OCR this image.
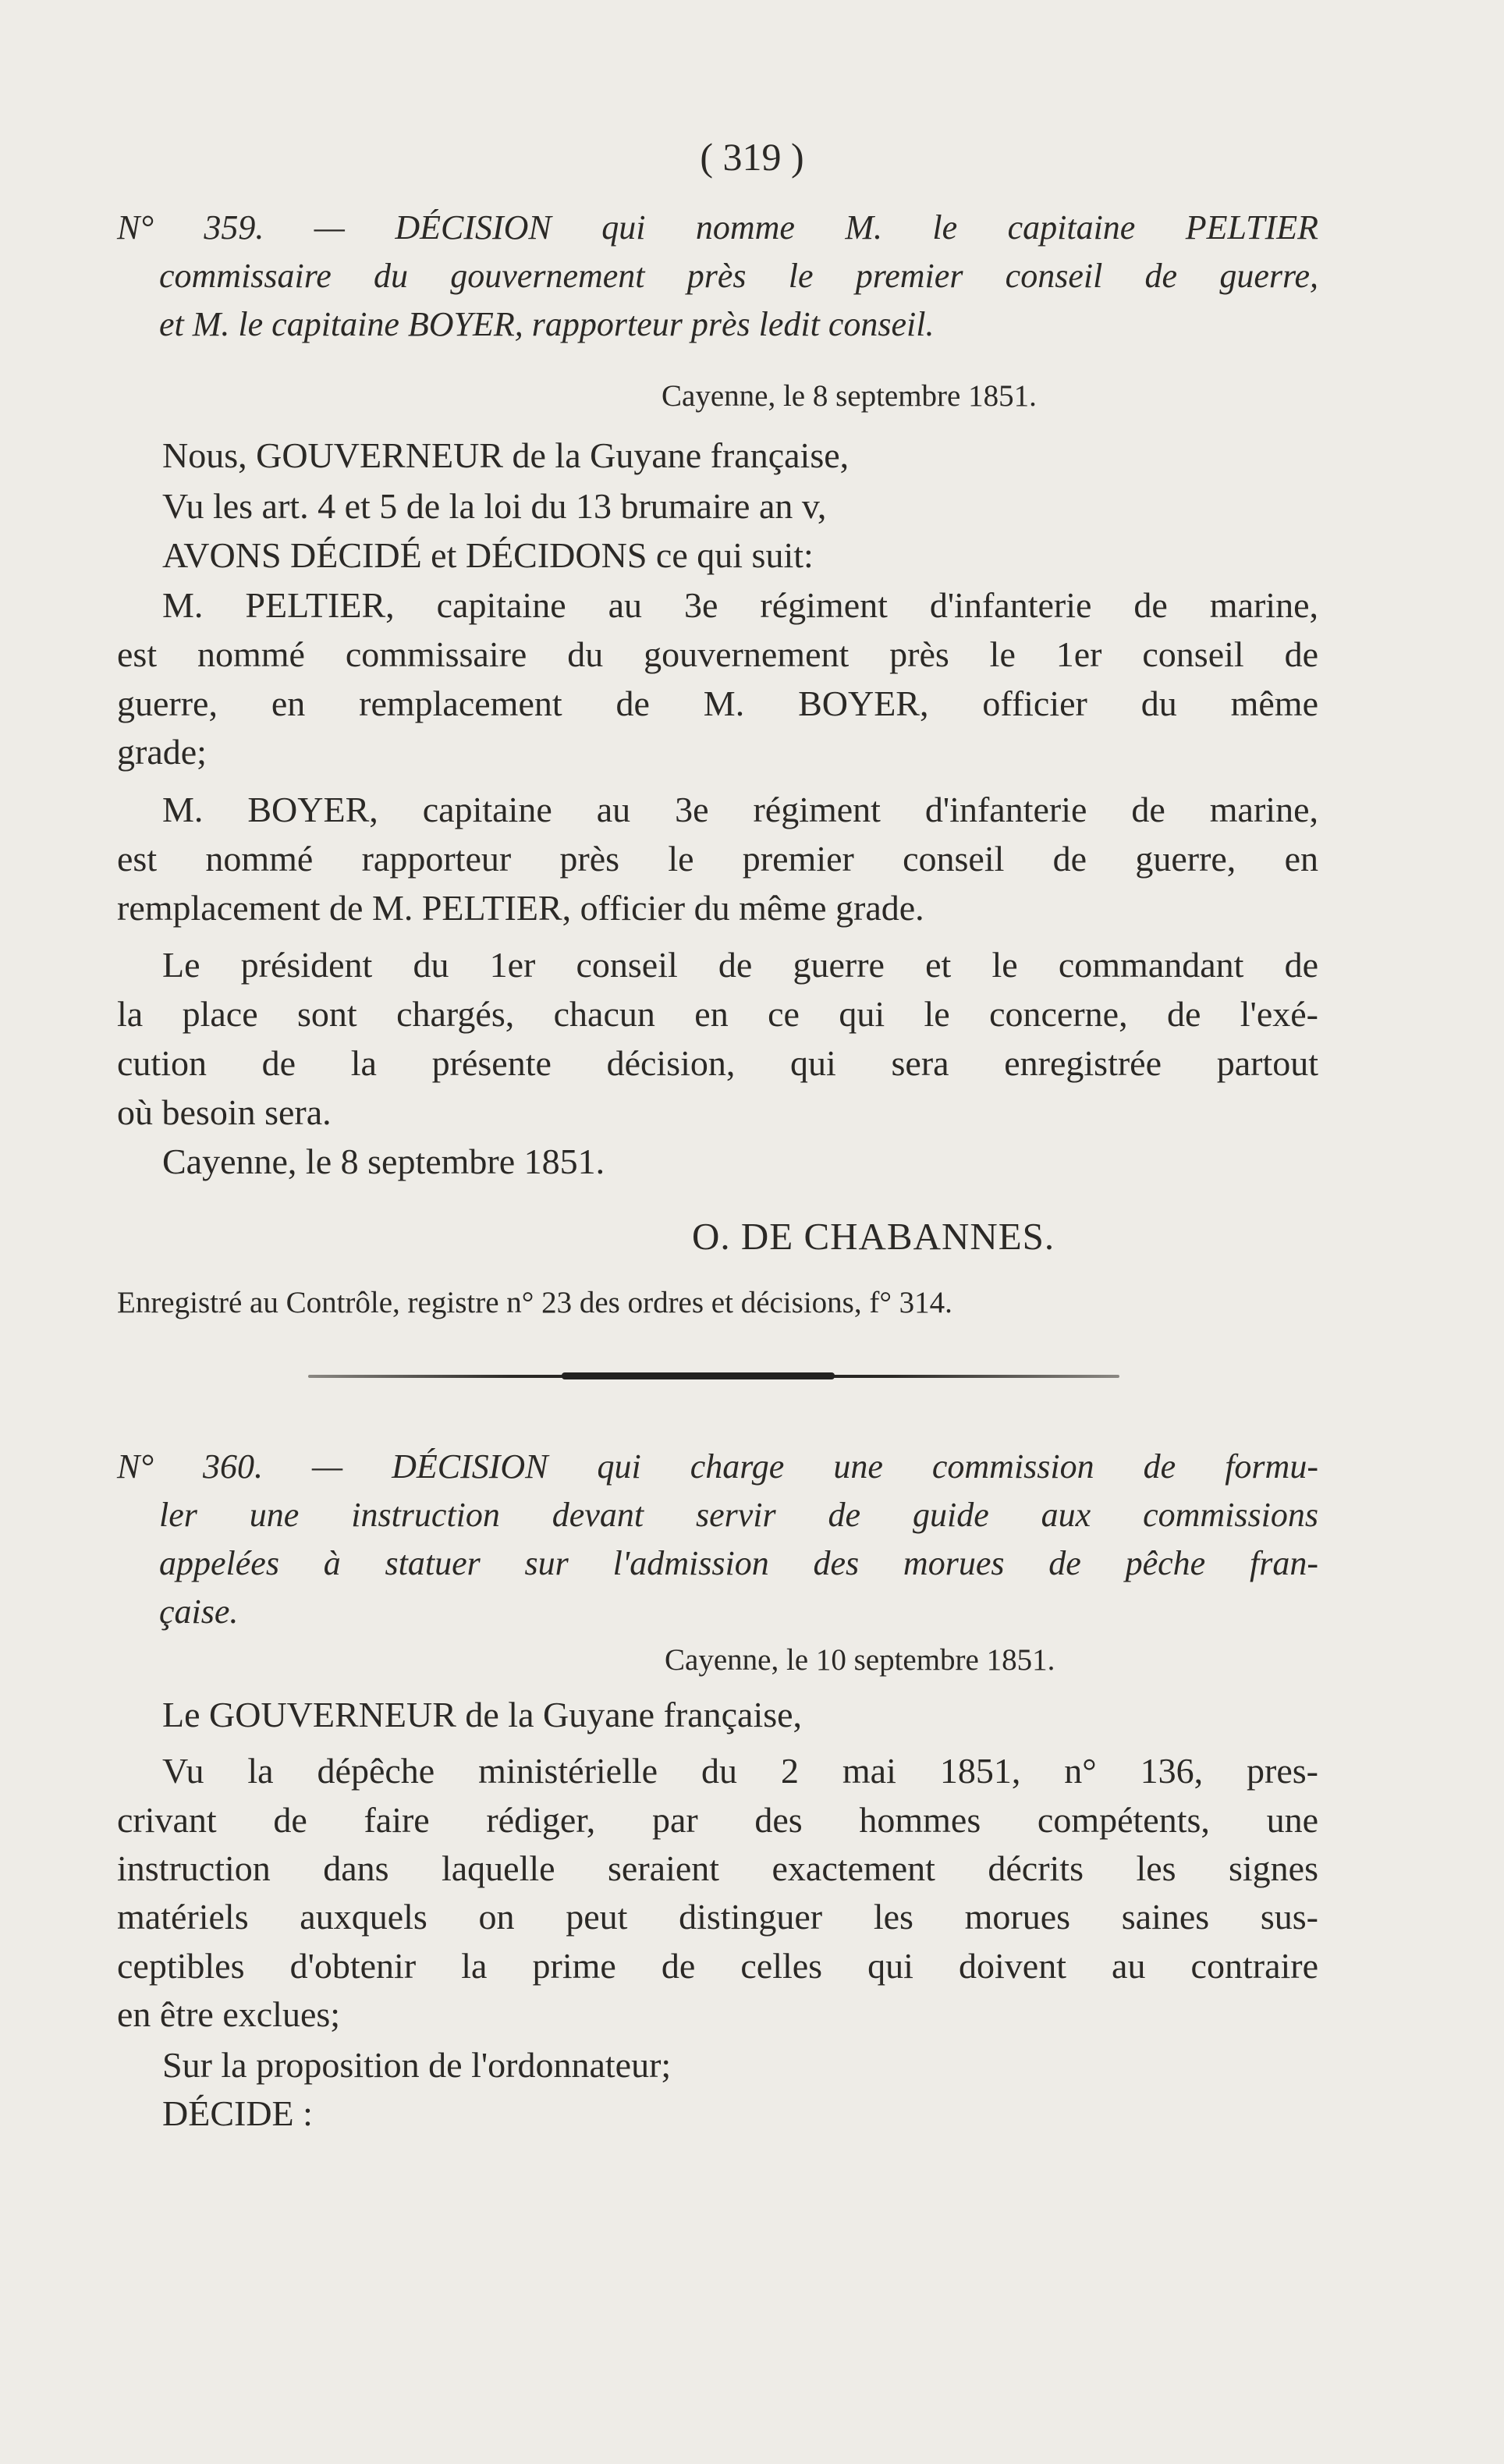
( 319 )
N° 359. — DÉCISION qui nomme M. le capitaine PELTIER
commissaire du gouvernement près le premier conseil de guerre,
et M. le capitaine BOYER, rapporteur près ledit conseil.
Cayenne, le 8 septembre 1851.
Nous, GOUVERNEUR de la Guyane française,
Vu les art. 4 et 5 de la loi du 13 brumaire an v,
AVONS DÉCIDÉ et DÉCIDONS ce qui suit:
M. PELTIER, capitaine au 3e régiment d'infanterie de marine,
est nommé commissaire du gouvernement près le 1er conseil de
guerre, en remplacement de M. BOYER, officier du même
grade;
M. BOYER, capitaine au 3e régiment d'infanterie de marine,
est nommé rapporteur près le premier conseil de guerre, en
remplacement de M. PELTIER, officier du même grade.
Le président du 1er conseil de guerre et le commandant de
la place sont chargés, chacun en ce qui le concerne, de l'exé-
cution de la présente décision, qui sera enregistrée partout
où besoin sera.
Cayenne, le 8 septembre 1851.
O. DE CHABANNES.
Enregistré au Contrôle, registre n° 23 des ordres et décisions, f° 314.
N° 360. — DÉCISION qui charge une commission de formu-
ler une instruction devant servir de guide aux commissions
appelées à statuer sur l'admission des morues de pêche fran-
çaise.
Cayenne, le 10 septembre 1851.
Le GOUVERNEUR de la Guyane française,
Vu la dépêche ministérielle du 2 mai 1851, n° 136, pres-
crivant de faire rédiger, par des hommes compétents, une
instruction dans laquelle seraient exactement décrits les signes
matériels auxquels on peut distinguer les morues saines sus-
ceptibles d'obtenir la prime de celles qui doivent au contraire
en être exclues;
Sur la proposition de l'ordonnateur;
DÉCIDE :
